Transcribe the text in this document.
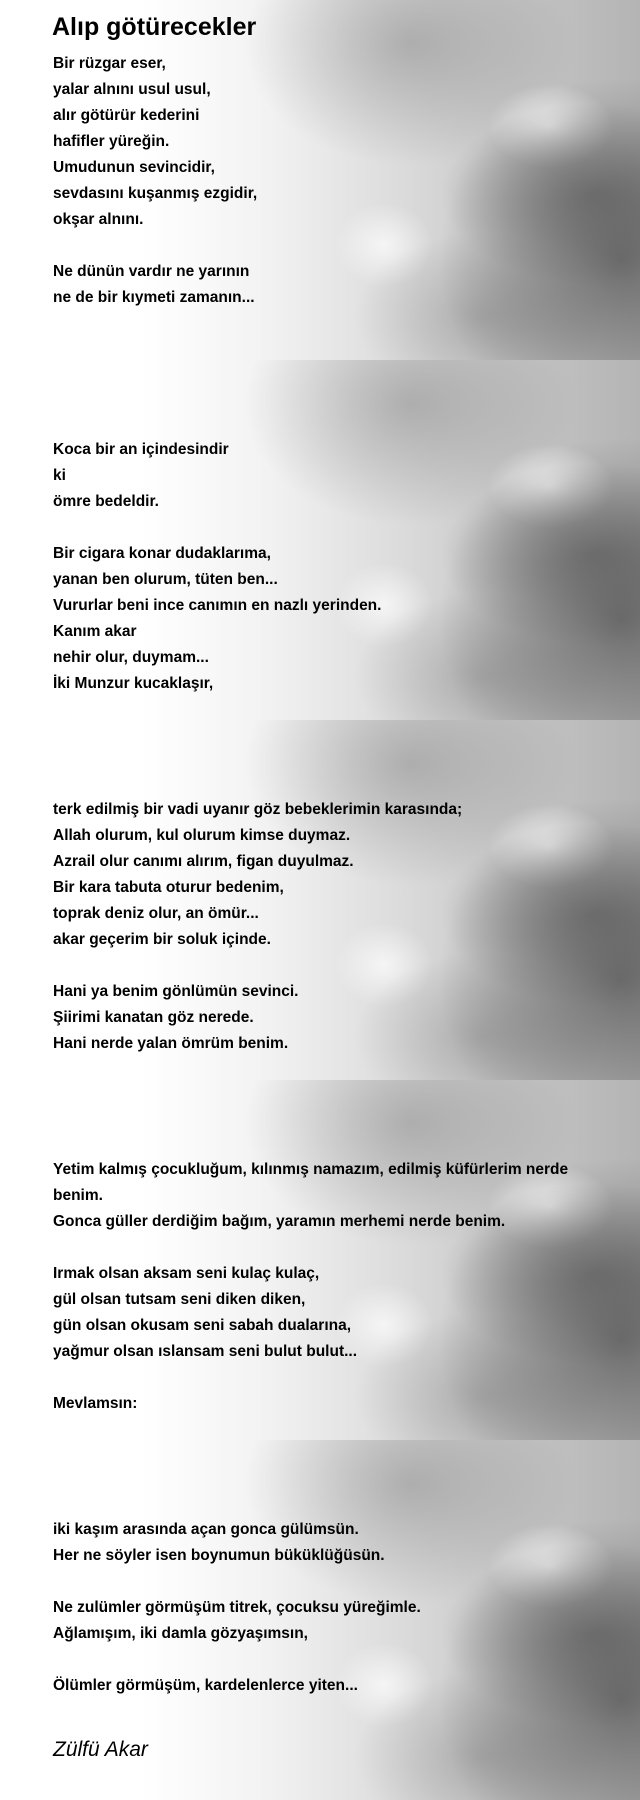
Alıp götürecekler
Bir rüzgar eser,
yalar alnını usul usul,
alır götürür kederini
hafifler yüreğin.
Umudunun sevincidir,
sevdasını kuşanmış ezgidir,
okşar alnını.
Ne dünün vardır ne yarının
ne de bir kıymeti zamanın...
Koca bir an içindesindir
ki
ömre bedeldir.
Bir cigara konar dudaklarıma,
yanan ben olurum, tüten ben...
Vururlar beni ince canımın en nazlı yerinden.
Kanım akar
nehir olur, duymam...
İki Munzur kucaklaşır,
terk edilmiş bir vadi uyanır göz bebeklerimin karasında;
Allah olurum, kul olurum kimse duymaz.
Azrail olur canımı alırım, figan duyulmaz.
Bir kara tabuta oturur bedenim,
toprak deniz olur, an ömür...
akar geçerim bir soluk içinde.
Hani ya benim gönlümün sevinci.
Şiirimi kanatan göz nerede.
Hani nerde yalan ömrüm benim.
Yetim kalmış çocukluğum, kılınmış namazım, edilmiş küfürlerim nerde benim.
Gonca güller derdiğim bağım, yaramın merhemi nerde benim.
Irmak olsan aksam seni kulaç kulaç,
gül olsan tutsam seni diken diken,
gün olsan okusam seni sabah dualarına,
yağmur olsan ıslansam seni bulut bulut...
Mevlamsın:
iki kaşım arasında açan gonca gülümsün.
Her ne söyler isen boynumun büküklüğüsün.
Ne zulümler görmüşüm titrek, çocuksu yüreğimle.
Ağlamışım, iki damla gözyaşımsın,
Ölümler görmüşüm, kardelenlerce yiten...
Zülfü Akar
